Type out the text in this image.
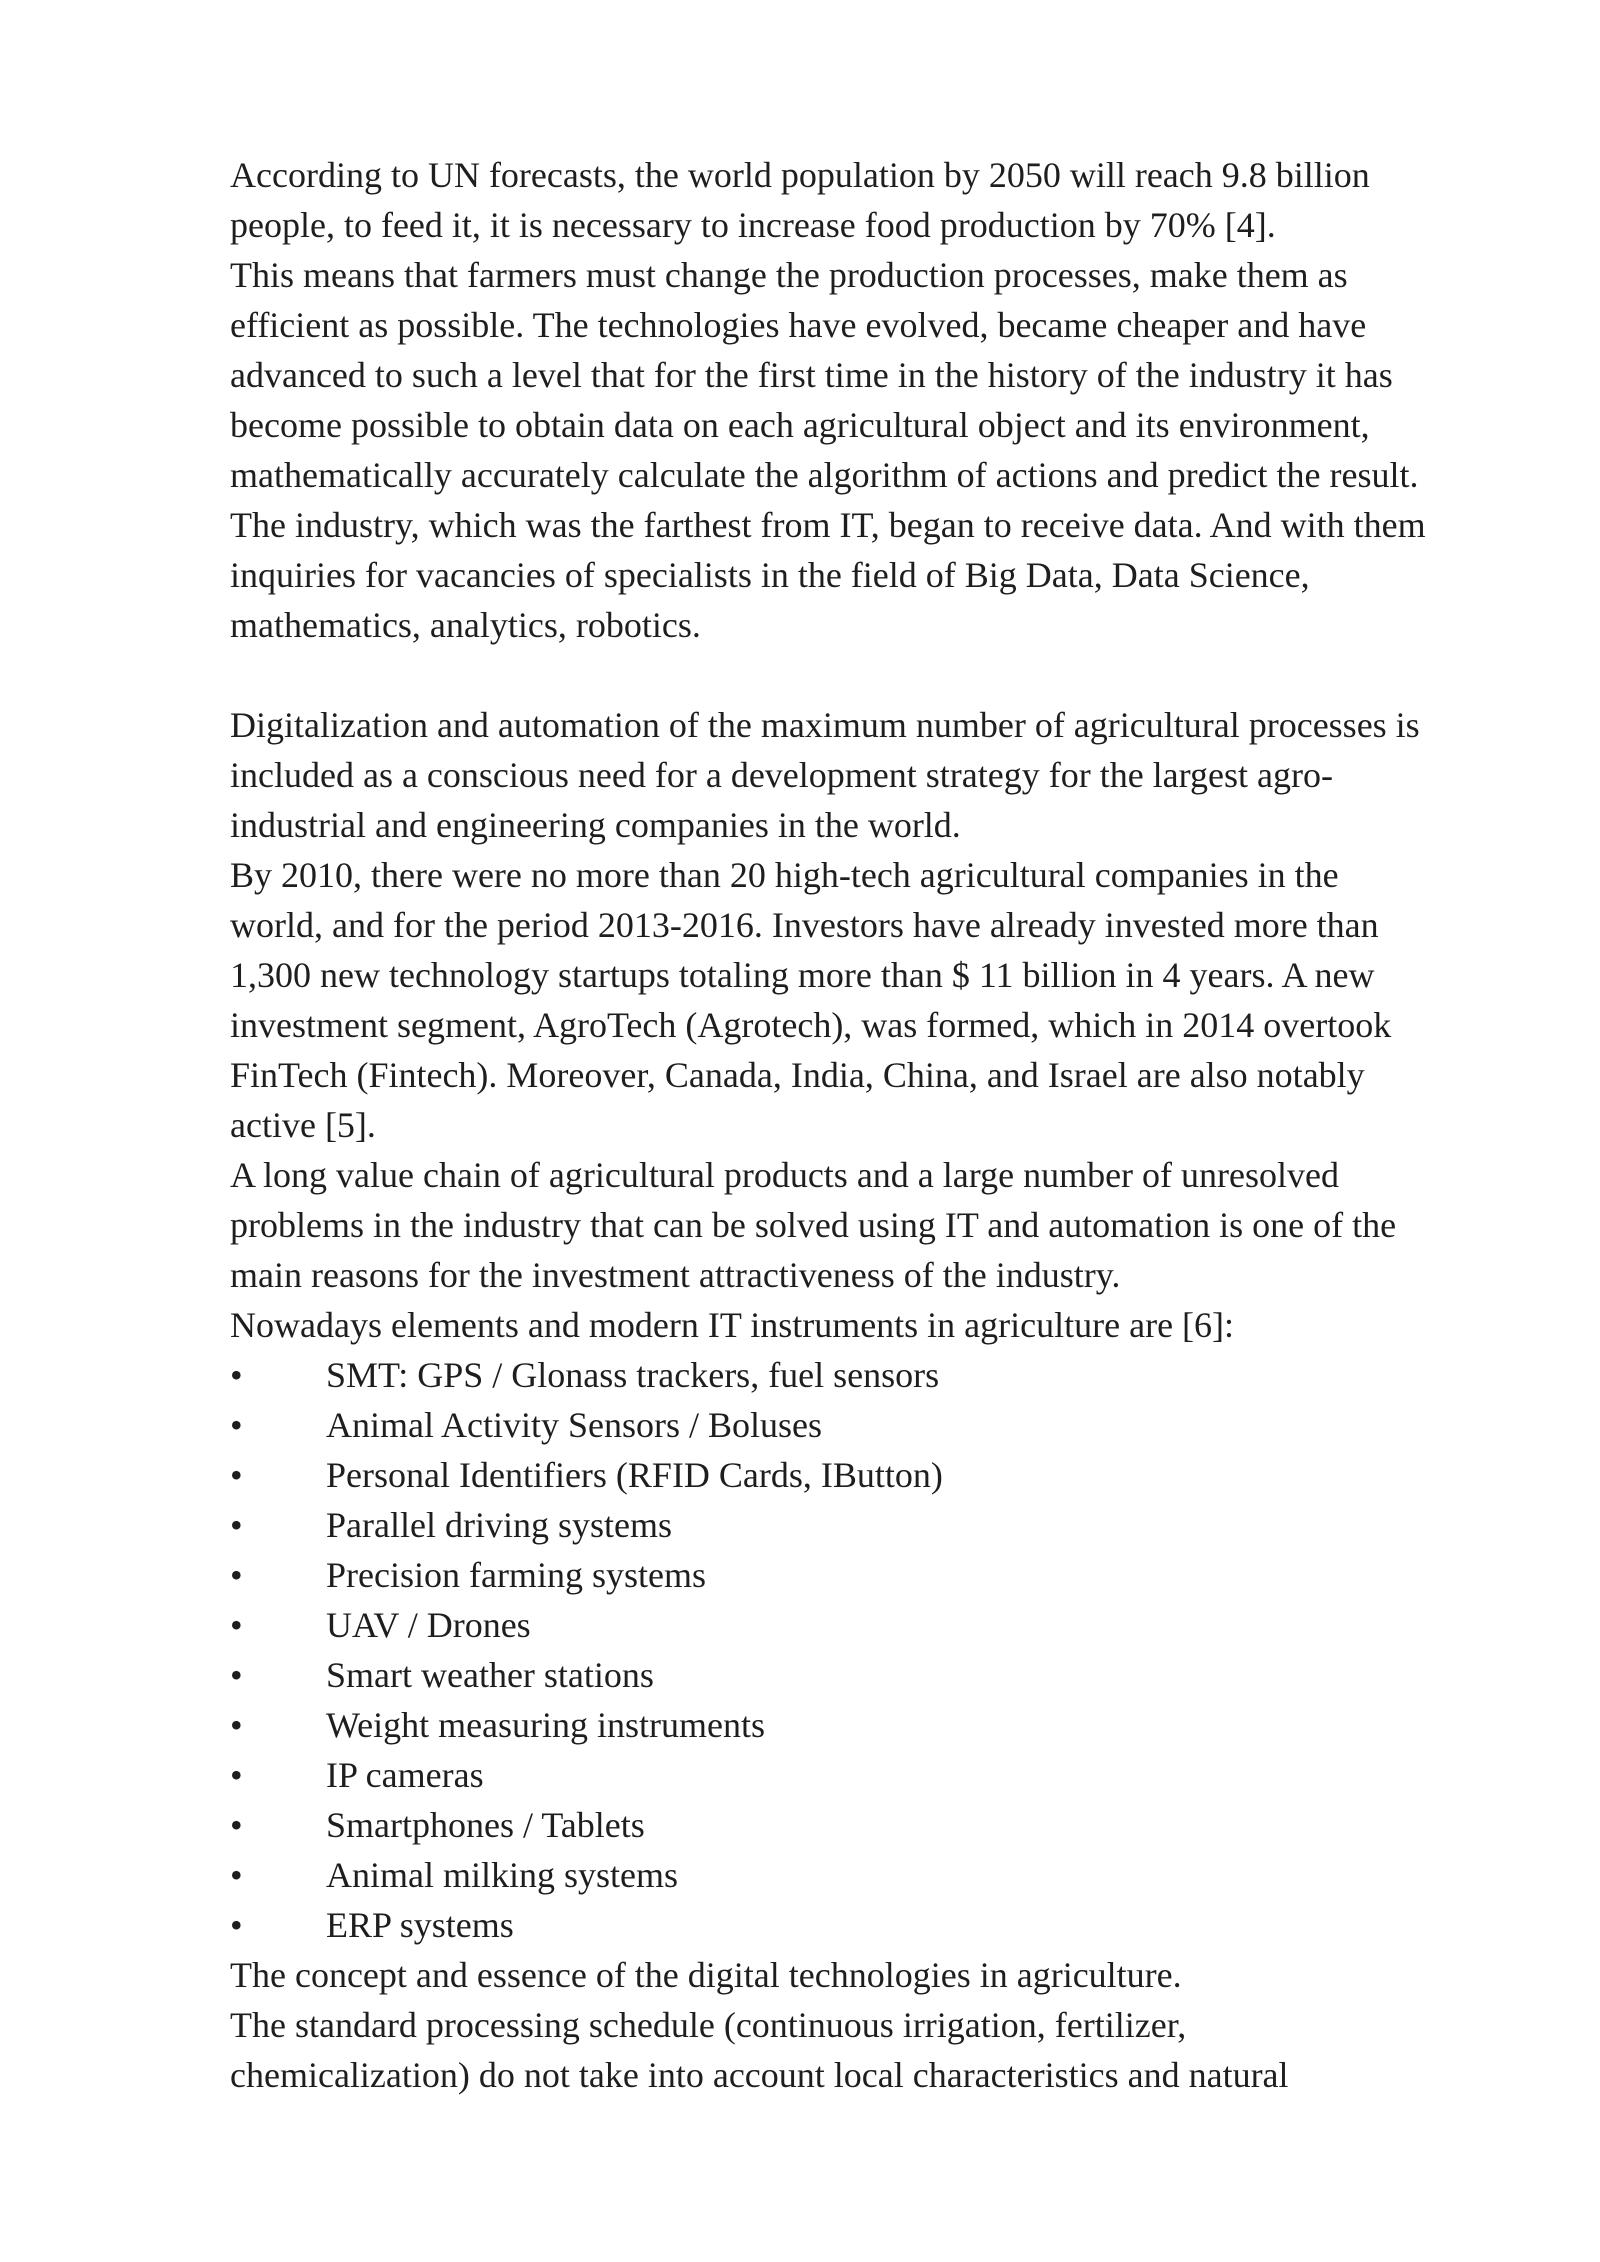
According to UN forecasts, the world population by 2050 will reach 9.8 billion
people, to feed it, it is necessary to increase food production by 70% [4].
This means that farmers must change the production processes, make them as
efficient as possible. The technologies have evolved, became cheaper and have
advanced to such a level that for the first time in the history of the industry it has
become possible to obtain data on each agricultural object and its environment,
mathematically accurately calculate the algorithm of actions and predict the result.
The industry, which was the farthest from IT, began to receive data. And with them
inquiries for vacancies of specialists in the field of Big Data, Data Science,
mathematics, analytics, robotics.
Digitalization and automation of the maximum number of agricultural processes is
included as a conscious need for a development strategy for the largest agro-
industrial and engineering companies in the world.
By 2010, there were no more than 20 high-tech agricultural companies in the
world, and for the period 2013-2016. Investors have already invested more than
1,300 new technology startups totaling more than $ 11 billion in 4 years. A new
investment segment, AgroTech (Agrotech), was formed, which in 2014 overtook
FinTech (Fintech). Moreover, Canada, India, China, and Israel are also notably
active [5].
A long value chain of agricultural products and a large number of unresolved
problems in the industry that can be solved using IT and automation is one of the
main reasons for the investment attractiveness of the industry.
Nowadays elements and modern IT instruments in agriculture are [6]:
•	SMT: GPS / Glonass trackers, fuel sensors
•	Animal Activity Sensors / Boluses
•	Personal Identifiers (RFID Cards, IButton)
•	Parallel driving systems
•	Precision farming systems
•	UAV / Drones
•	Smart weather stations
•	Weight measuring instruments
•	IP cameras
•	Smartphones / Tablets
•	Animal milking systems
•	ERP systems
The concept and essence of the digital technologies in agriculture.
The standard processing schedule (continuous irrigation, fertilizer,
chemicalization) do not take into account local characteristics and natural
